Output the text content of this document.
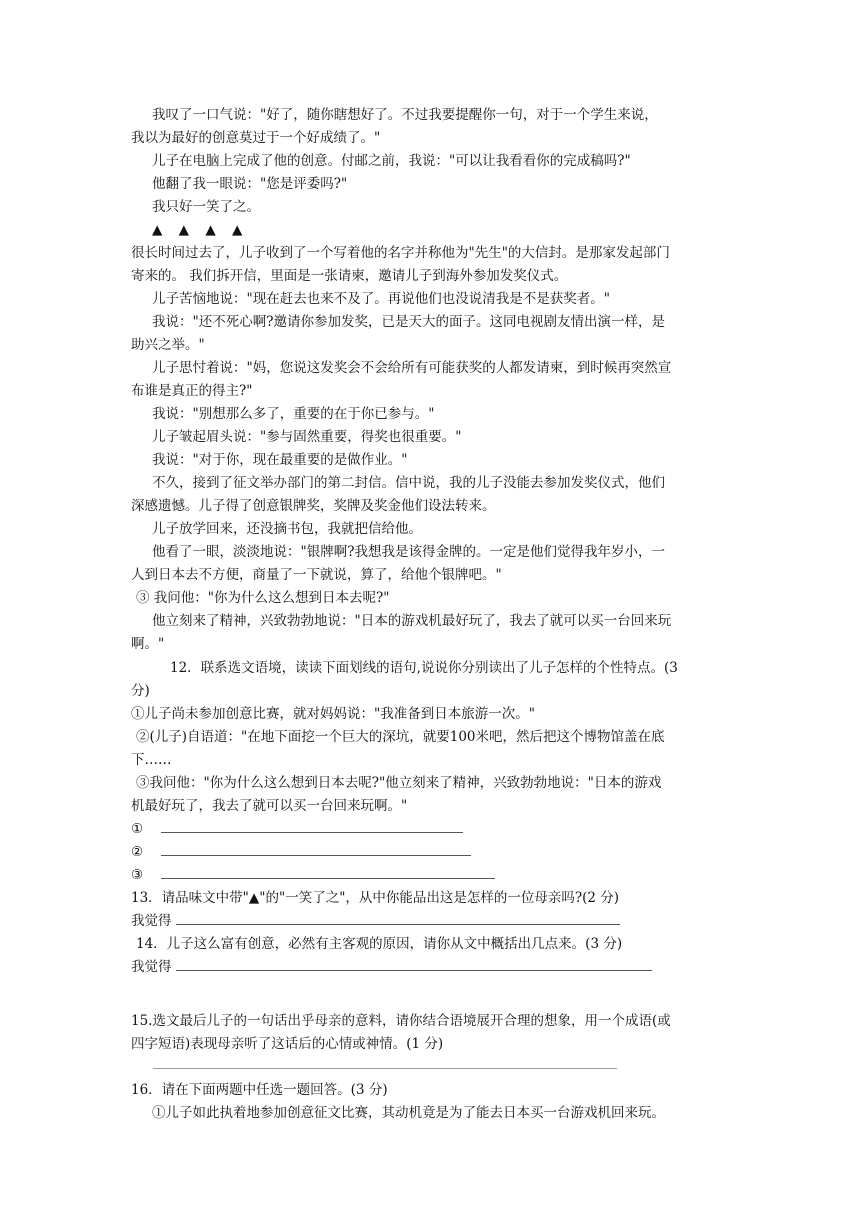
我叹了一口气说："好了，随你瞎想好了。不过我要提醒你一句，对于一个学生来说，
我以为最好的创意莫过于一个好成绩了。"
儿子在电脑上完成了他的创意。付邮之前，我说："可以让我看看你的完成稿吗?"
他翻了我一眼说："您是评委吗?"
我只好一笑了之。
▲ ▲ ▲ ▲
很长时间过去了，儿子收到了一个写着他的名字并称他为"先生"的大信封。是那家发起部门
寄来的。 我们拆开信，里面是一张请柬，邀请儿子到海外参加发奖仪式。
儿子苦恼地说："现在赶去也来不及了。再说他们也没说清我是不是获奖者。"
我说："还不死心啊?邀请你参加发奖，已是天大的面子。这同电视剧友情出演一样，是
助兴之举。"
儿子思忖着说："妈，您说这发奖会不会给所有可能获奖的人都发请柬，到时候再突然宣
布谁是真正的得主?"
我说："别想那么多了，重要的在于你已参与。"
儿子皱起眉头说："参与固然重要，得奖也很重要。"
我说："对于你，现在最重要的是做作业。"
不久，接到了征文举办部门的第二封信。信中说，我的儿子没能去参加发奖仪式，他们
深感遗憾。儿子得了创意银牌奖，奖牌及奖金他们设法转来。
儿子放学回来，还没摘书包，我就把信给他。
他看了一眼，淡淡地说："银牌啊?我想我是该得金牌的。一定是他们觉得我年岁小，一
人到日本去不方便，商量了一下就说，算了，给他个银牌吧。"
③ 我问他："你为什么这么想到日本去呢?"
他立刻来了精神，兴致勃勃地说："日本的游戏机最好玩了，我去了就可以买一台回来玩
啊。"
12．联系选文语境，读读下面划线的语句,说说你分别读出了儿子怎样的个性特点。(3
分)
①儿子尚未参加创意比赛，就对妈妈说："我准备到日本旅游一次。"
②(儿子)自语道："在地下面挖一个巨大的深坑，就要100米吧，然后把这个博物馆盖在底
下……
③我问他："你为什么这么想到日本去呢?"他立刻来了精神，兴致勃勃地说："日本的游戏
机最好玩了，我去了就可以买一台回来玩啊。"
①
②
③
13．请品味文中带"▲"的"一笑了之"，从中你能品出这是怎样的一位母亲吗?(2 分)
我觉得
14．儿子这么富有创意，必然有主客观的原因，请你从文中概括出几点来。(3 分)
我觉得
15.选文最后儿子的一句话出乎母亲的意料，请你结合语境展开合理的想象，用一个成语(或
四字短语)表现母亲听了这话后的心情或神情。(1 分)
16．请在下面两题中任选一题回答。(3 分)
①儿子如此执着地参加创意征文比赛，其动机竟是为了能去日本买一台游戏机回来玩。
